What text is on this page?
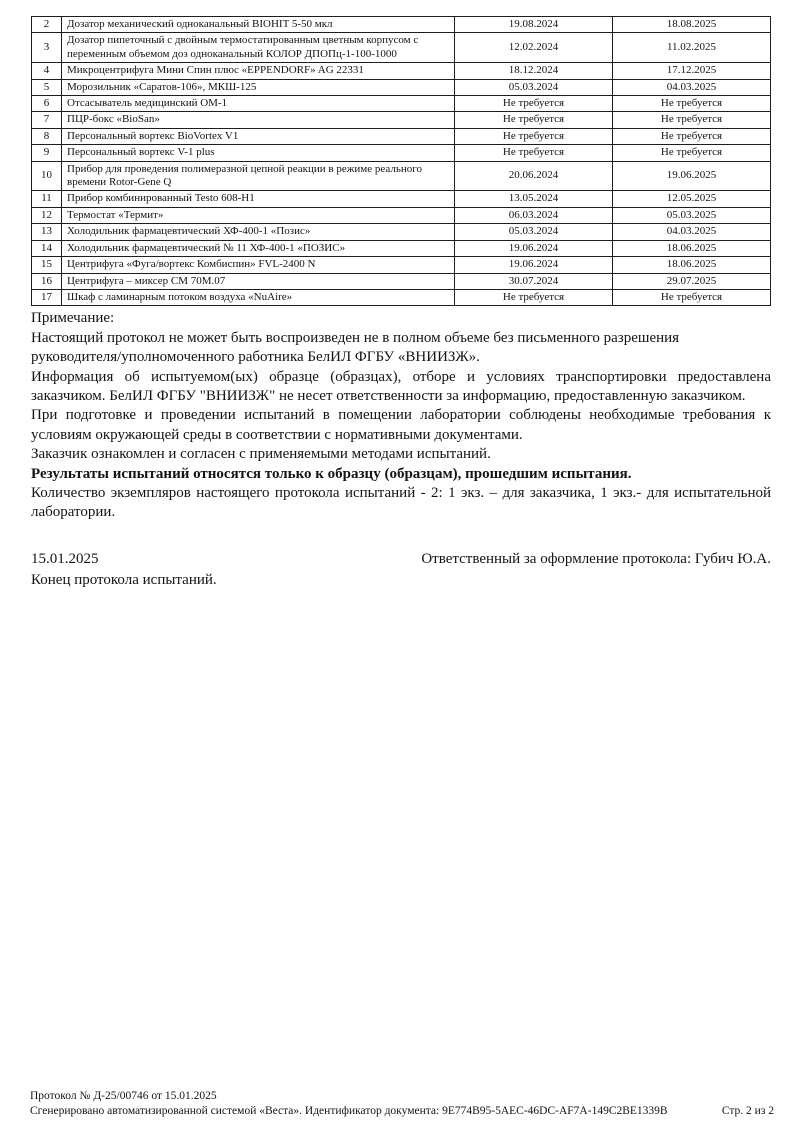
2	Дозатор механический одноканальный BIOHIT 5-50 мкл	19.08.2024	18.08.2025
3	Дозатор пипеточный с двойным термостатированным цветным корпусом с переменным объемом доз одноканальный КОЛОР ДПОПц-1-100-1000	12.02.2024	11.02.2025
4	Микроцентрифуга Мини Спин плюс «EPPENDORF» AG 22331	18.12.2024	17.12.2025
5	Морозильник «Саратов-106», МКШ-125	05.03.2024	04.03.2025
6	Отсасыватель медицинский ОМ-1	Не требуется	Не требуется
7	ПЦР-бокс «BioSan»	Не требуется	Не требуется
8	Персональный вортекс BioVortex V1	Не требуется	Не требуется
9	Персональный вортекс V-1 plus	Не требуется	Не требуется
10	Прибор для проведения полимеразной цепной реакции в режиме реального времени Rotor-Gene Q	20.06.2024	19.06.2025
11	Прибор комбинированный Testo 608-H1	13.05.2024	12.05.2025
12	Термостат «Термит»	06.03.2024	05.03.2025
13	Холодильник фармацевтический ХФ-400-1 «Позис»	05.03.2024	04.03.2025
14	Холодильник фармацевтический № 11 ХФ-400-1 «ПОЗИС»	19.06.2024	18.06.2025
15	Центрифуга «Фуга/вортекс Комбиспин» FVL-2400 N	19.06.2024	18.06.2025
16	Центрифуга – миксер СМ 70М.07	30.07.2024	29.07.2025
17	Шкаф с ламинарным потоком воздуха «NuAire»	Не требуется	Не требуется

Примечание:

Настоящий протокол не может быть воспроизведен не в полном объеме без письменного разрешения руководителя/уполномоченного работника БелИЛ ФГБУ «ВНИИЗЖ».

Информация об испытуемом(ых) образце (образцах), отборе и условиях транспортировки предоставлена заказчиком. БелИЛ ФГБУ "ВНИИЗЖ" не несет ответственности за информацию, предоставленную заказчиком.

При подготовке и проведении испытаний в помещении лаборатории соблюдены необходимые требования к условиям окружающей среды в соответствии с нормативными документами.

Заказчик ознакомлен и согласен с применяемыми методами испытаний.

Результаты испытаний относятся только к образцу (образцам), прошедшим испытания.

Количество экземпляров настоящего протокола испытаний - 2: 1 экз. – для заказчика, 1 экз.- для испытательной лаборатории.

15.01.2025	Ответственный за оформление протокола: Губич Ю.А.

Конец протокола испытаний.

Протокол № Д-25/00746 от 15.01.2025
Сгенерировано автоматизированной системой «Веста». Идентификатор документа: 9E774B95-5AEC-46DC-AF7A-149C2BE1339B	Стр. 2 из 2
